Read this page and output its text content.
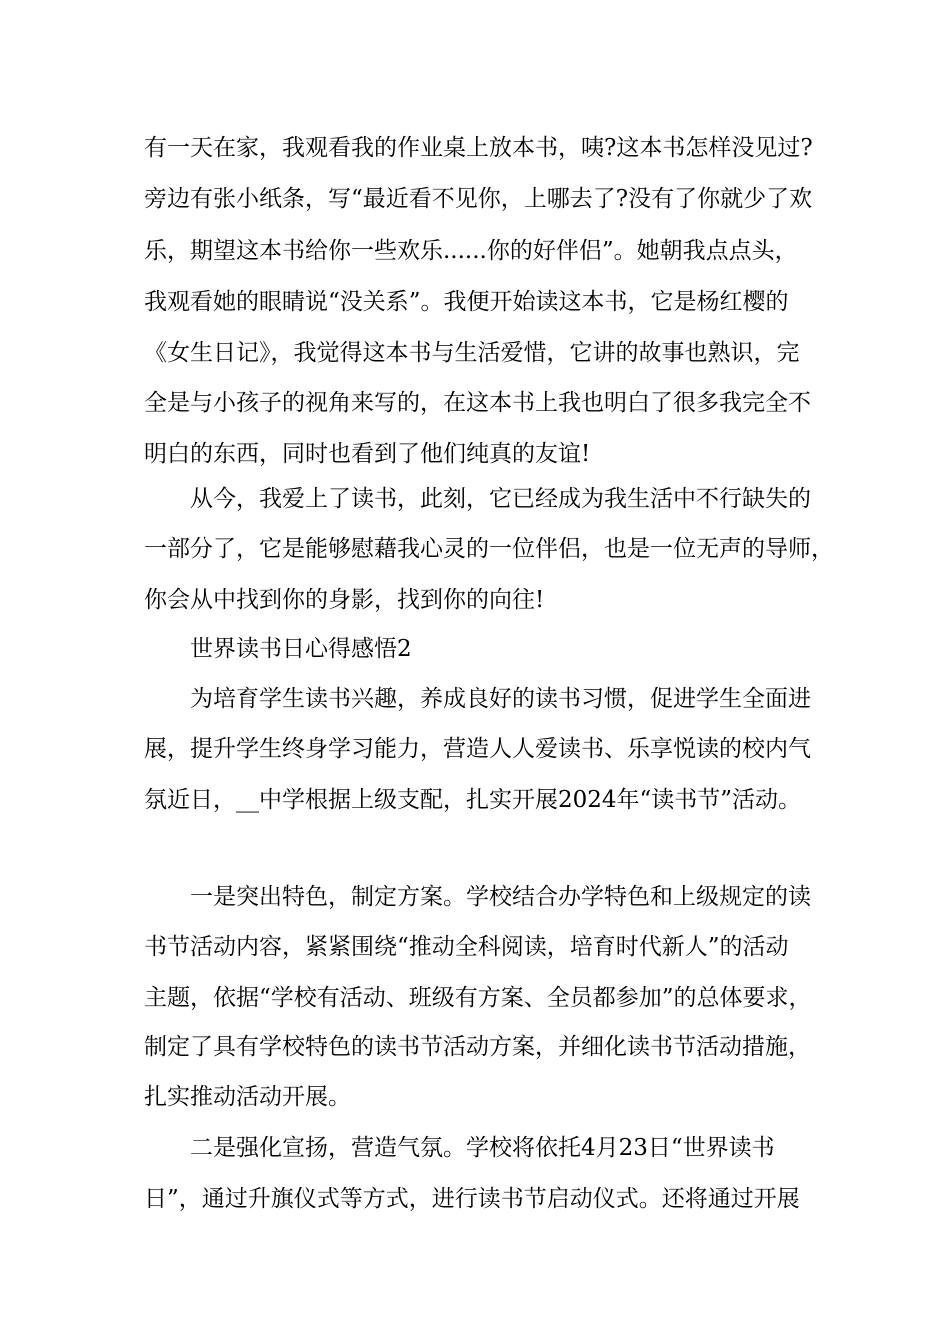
有一天在家，我观看我的作业桌上放本书，咦?这本书怎样没见过?
旁边有张小纸条，写“最近看不见你，上哪去了?没有了你就少了欢
乐，期望这本书给你一些欢乐......你的好伴侣”。她朝我点点头，
我观看她的眼睛说“没关系”。我便开始读这本书，它是杨红樱的
《女生日记》，我觉得这本书与生活爱惜，它讲的故事也熟识，完
全是与小孩子的视角来写的，在这本书上我也明白了很多我完全不
明白的东西，同时也看到了他们纯真的友谊!
从今，我爱上了读书，此刻，它已经成为我生活中不行缺失的
一部分了，它是能够慰藉我心灵的一位伴侣，也是一位无声的导师，
你会从中找到你的身影，找到你的向往!
世界读书日心得感悟2
为培育学生读书兴趣，养成良好的读书习惯，促进学生全面进
展，提升学生终身学习能力，营造人人爱读书、乐享悦读的校内气
氛近日，__中学根据上级支配，扎实开展2024年“读书节”活动。
一是突出特色，制定方案。学校结合办学特色和上级规定的读
书节活动内容，紧紧围绕“推动全科阅读，培育时代新人”的活动
主题，依据“学校有活动、班级有方案、全员都参加”的总体要求，
制定了具有学校特色的读书节活动方案，并细化读书节活动措施，
扎实推动活动开展。
二是强化宣扬，营造气氛。学校将依托4月23日“世界读书
日”，通过升旗仪式等方式，进行读书节启动仪式。还将通过开展
